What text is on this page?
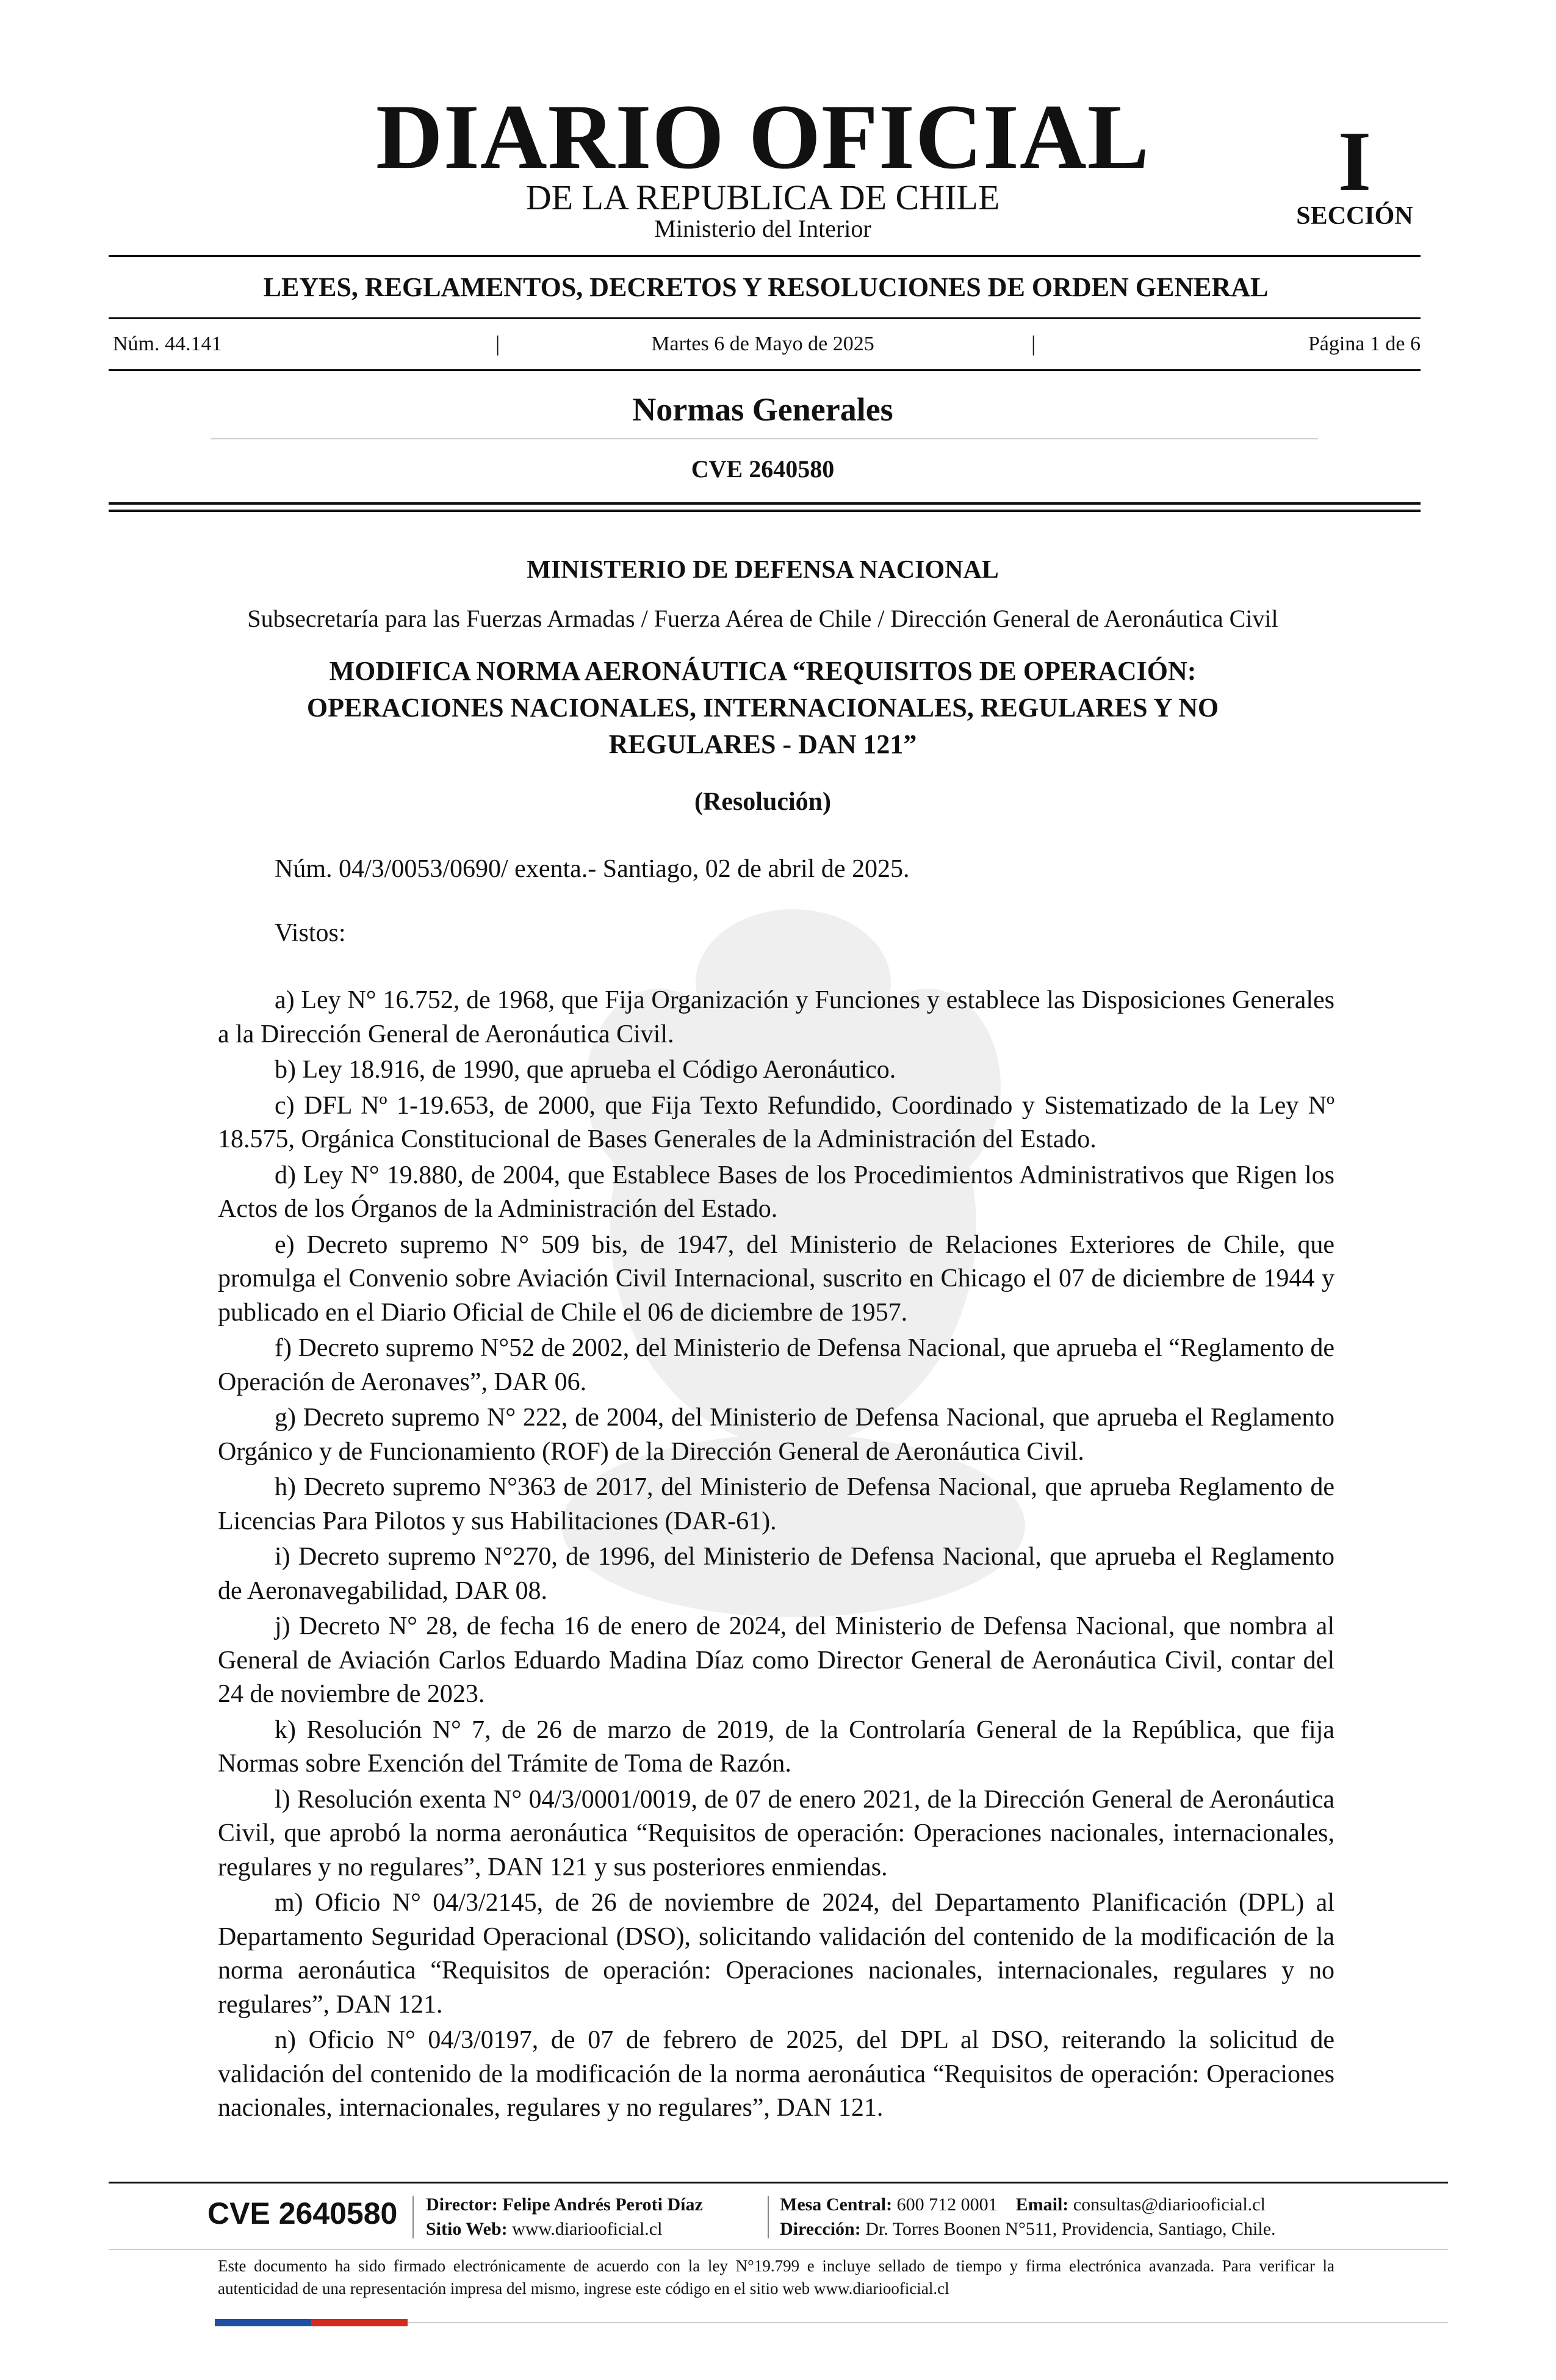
DIARIO OFICIAL
DE LA REPUBLICA DE CHILE
Ministerio del Interior
I
SECCIÓN
LEYES, REGLAMENTOS, DECRETOS Y RESOLUCIONES DE ORDEN GENERAL
Núm. 44.141	|	Martes 6 de Mayo de 2025	|	Página 1 de 6
Normas Generales
CVE 2640580
MINISTERIO DE DEFENSA NACIONAL
Subsecretaría para las Fuerzas Armadas / Fuerza Aérea de Chile / Dirección General de Aeronáutica Civil
MODIFICA NORMA AERONÁUTICA “REQUISITOS DE OPERACIÓN:
OPERACIONES NACIONALES, INTERNACIONALES, REGULARES Y NO
REGULARES - DAN 121”
(Resolución)
Núm. 04/3/0053/0690/ exenta.- Santiago, 02 de abril de 2025.
Vistos:

a) Ley N° 16.752, de 1968, que Fija Organización y Funciones y establece las Disposiciones Generales a la Dirección General de Aeronáutica Civil.

b) Ley 18.916, de 1990, que aprueba el Código Aeronáutico.

c) DFL Nº 1-19.653, de 2000, que Fija Texto Refundido, Coordinado y Sistematizado de la Ley Nº 18.575, Orgánica Constitucional de Bases Generales de la Administración del Estado.

d) Ley N° 19.880, de 2004, que Establece Bases de los Procedimientos Administrativos que Rigen los Actos de los Órganos de la Administración del Estado.

e) Decreto supremo N° 509 bis, de 1947, del Ministerio de Relaciones Exteriores de Chile, que promulga el Convenio sobre Aviación Civil Internacional, suscrito en Chicago el 07 de diciembre de 1944 y publicado en el Diario Oficial de Chile el 06 de diciembre de 1957.

f) Decreto supremo N°52 de 2002, del Ministerio de Defensa Nacional, que aprueba el “Reglamento de Operación de Aeronaves”, DAR 06.

g) Decreto supremo N° 222, de 2004, del Ministerio de Defensa Nacional, que aprueba el Reglamento Orgánico y de Funcionamiento (ROF) de la Dirección General de Aeronáutica Civil.

h) Decreto supremo N°363 de 2017, del Ministerio de Defensa Nacional, que aprueba Reglamento de Licencias Para Pilotos y sus Habilitaciones (DAR-61).

i) Decreto supremo N°270, de 1996, del Ministerio de Defensa Nacional, que aprueba el Reglamento de Aeronavegabilidad, DAR 08.

j) Decreto N° 28, de fecha 16 de enero de 2024, del Ministerio de Defensa Nacional, que nombra al General de Aviación Carlos Eduardo Madina Díaz como Director General de Aeronáutica Civil, contar del 24 de noviembre de 2023.

k) Resolución N° 7, de 26 de marzo de 2019, de la Controlaría General de la República, que fija Normas sobre Exención del Trámite de Toma de Razón.

l) Resolución exenta N° 04/3/0001/0019, de 07 de enero 2021, de la Dirección General de Aeronáutica Civil, que aprobó la norma aeronáutica “Requisitos de operación: Operaciones nacionales, internacionales, regulares y no regulares”, DAN 121 y sus posteriores enmiendas.

m) Oficio N° 04/3/2145, de 26 de noviembre de 2024, del Departamento Planificación (DPL) al Departamento Seguridad Operacional (DSO), solicitando validación del contenido de la modificación de la norma aeronáutica “Requisitos de operación: Operaciones nacionales, internacionales, regulares y no regulares”, DAN 121.

n) Oficio N° 04/3/0197, de 07 de febrero de 2025, del DPL al DSO, reiterando la solicitud de validación del contenido de la modificación de la norma aeronáutica “Requisitos de operación: Operaciones nacionales, internacionales, regulares y no regulares”, DAN 121.

CVE 2640580 Director: Felipe Andrés Peroti Díaz
Sitio Web: www.diariooficial.cl
Mesa Central: 600 712 0001 Email: consultas@diariooficial.cl
Dirección: Dr. Torres Boonen N°511, Providencia, Santiago, Chile.
Este documento ha sido firmado electrónicamente de acuerdo con la ley N°19.799 e incluye sellado de tiempo y firma electrónica avanzada. Para verificar la autenticidad de una representación impresa del mismo, ingrese este código en el sitio web www.diariooficial.cl
